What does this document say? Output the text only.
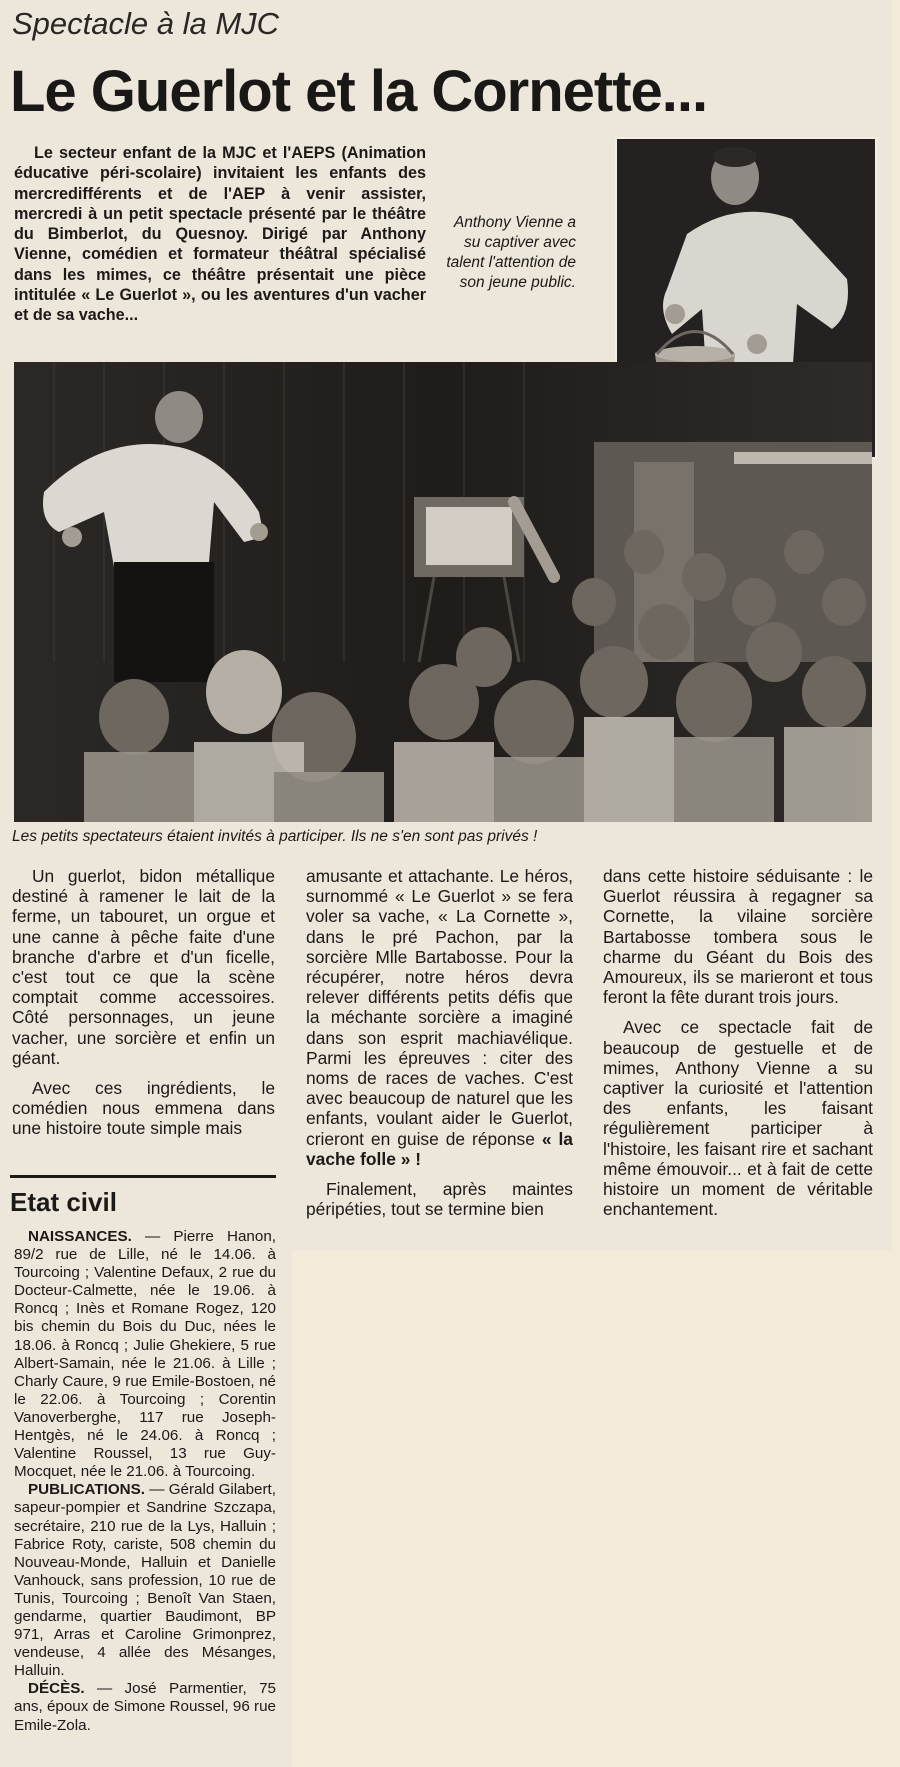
Spectacle à la MJC
Le Guerlot et la Cornette...
Le secteur enfant de la MJC et l'AEPS (Animation éducative péri-scolaire) invitaient les enfants des mercredifférents et de l'AEP à venir assister, mercredi à un petit spectacle présenté par le théâtre du Bimberlot, du Quesnoy. Dirigé par Anthony Vienne, comédien et formateur théâtral spécialisé dans les mimes, ce théâtre présentait une pièce intitulée « Le Guerlot », ou les aventures d'un vacher et de sa vache...
Anthony Vienne a su captiver avec talent l'attention de son jeune public.
Les petits spectateurs étaient invités à participer. Ils ne s'en sont pas privés !

Un guerlot, bidon métallique destiné à ramener le lait de la ferme, un tabouret, un orgue et une canne à pêche faite d'une branche d'arbre et d'un ficelle, c'est tout ce que la scène comptait comme accessoires. Côté personnages, un jeune vacher, une sorcière et enfin un géant.

Avec ces ingrédients, le comédien nous emmena dans une histoire toute simple mais

amusante et attachante. Le héros, surnommé « Le Guerlot » se fera voler sa vache, « La Cornette », dans le pré Pachon, par la sorcière Mlle Bartabosse. Pour la récupérer, notre héros devra relever différents petits défis que la méchante sorcière a imaginé dans son esprit machiavélique. Parmi les épreuves : citer des noms de races de vaches. C'est avec beaucoup de naturel que les enfants, voulant aider le Guerlot, crieront en guise de réponse « la vache folle » !

Finalement, après maintes péripéties, tout se termine bien

dans cette histoire séduisante : le Guerlot réussira à regagner sa Cornette, la vilaine sorcière Bartabosse tombera sous le charme du Géant du Bois des Amoureux, ils se marieront et tous feront la fête durant trois jours.

Avec ce spectacle fait de beaucoup de gestuelle et de mimes, Anthony Vienne a su captiver la curiosité et l'attention des enfants, les faisant régulièrement participer à l'histoire, les faisant rire et sachant même émouvoir... et à fait de cette histoire un moment de véritable enchantement.

Etat civil

NAISSANCES. — Pierre Hanon, 89/2 rue de Lille, né le 14.06. à Tourcoing ; Valentine Defaux, 2 rue du Docteur-Calmette, née le 19.06. à Roncq ; Inès et Romane Rogez, 120 bis chemin du Bois du Duc, nées le 18.06. à Roncq ; Julie Ghekiere, 5 rue Albert-Samain, née le 21.06. à Lille ; Charly Caure, 9 rue Emile-Bostoen, né le 22.06. à Tourcoing ; Corentin Vanoverberghe, 117 rue Joseph-Hentgès, né le 24.06. à Roncq ; Valentine Roussel, 13 rue Guy-Mocquet, née le 21.06. à Tourcoing.

PUBLICATIONS. — Gérald Gilabert, sapeur-pompier et Sandrine Szczapa, secrétaire, 210 rue de la Lys, Halluin ; Fabrice Roty, cariste, 508 chemin du Nouveau-Monde, Halluin et Danielle Vanhouck, sans profession, 10 rue de Tunis, Tourcoing ; Benoît Van Staen, gendarme, quartier Baudimont, BP 971, Arras et Caroline Grimonprez, vendeuse, 4 allée des Mésanges, Halluin.

DÉCÈS. — José Parmentier, 75 ans, époux de Simone Roussel, 96 rue Emile-Zola.
